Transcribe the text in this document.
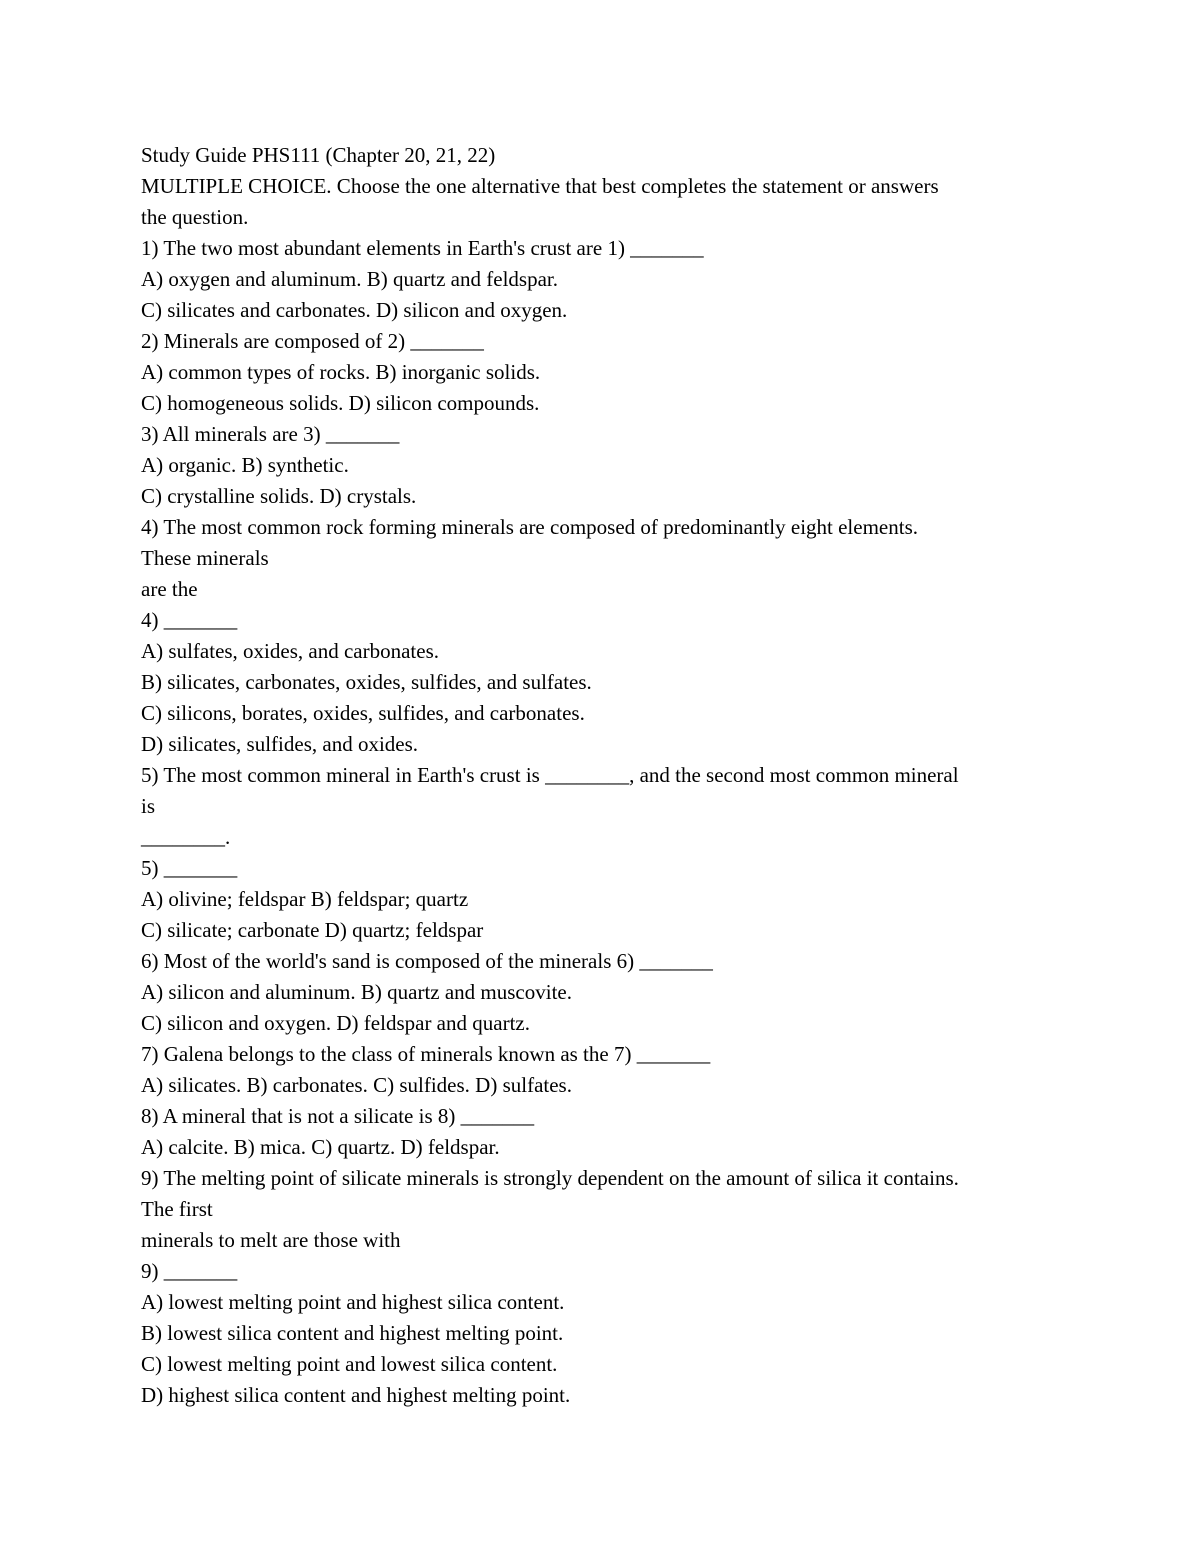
Study Guide PHS111 (Chapter 20, 21, 22)
MULTIPLE CHOICE. Choose the one alternative that best completes the statement or answers
the question.
1) The two most abundant elements in Earth's crust are 1) _______
A) oxygen and aluminum. B) quartz and feldspar.
C) silicates and carbonates. D) silicon and oxygen.
2) Minerals are composed of 2) _______
A) common types of rocks. B) inorganic solids.
C) homogeneous solids. D) silicon compounds.
3) All minerals are 3) _______
A) organic. B) synthetic.
C) crystalline solids. D) crystals.
4) The most common rock forming minerals are composed of predominantly eight elements.
These minerals
are the
4) _______
A) sulfates, oxides, and carbonates.
B) silicates, carbonates, oxides, sulfides, and sulfates.
C) silicons, borates, oxides, sulfides, and carbonates.
D) silicates, sulfides, and oxides.
5) The most common mineral in Earth's crust is ________, and the second most common mineral
is
________.
5) _______
A) olivine; feldspar B) feldspar; quartz
C) silicate; carbonate D) quartz; feldspar
6) Most of the world's sand is composed of the minerals 6) _______
A) silicon and aluminum. B) quartz and muscovite.
C) silicon and oxygen. D) feldspar and quartz.
7) Galena belongs to the class of minerals known as the 7) _______
A) silicates. B) carbonates. C) sulfides. D) sulfates.
8) A mineral that is not a silicate is 8) _______
A) calcite. B) mica. C) quartz. D) feldspar.
9) The melting point of silicate minerals is strongly dependent on the amount of silica it contains.
The first
minerals to melt are those with
9) _______
A) lowest melting point and highest silica content.
B) lowest silica content and highest melting point.
C) lowest melting point and lowest silica content.
D) highest silica content and highest melting point.
